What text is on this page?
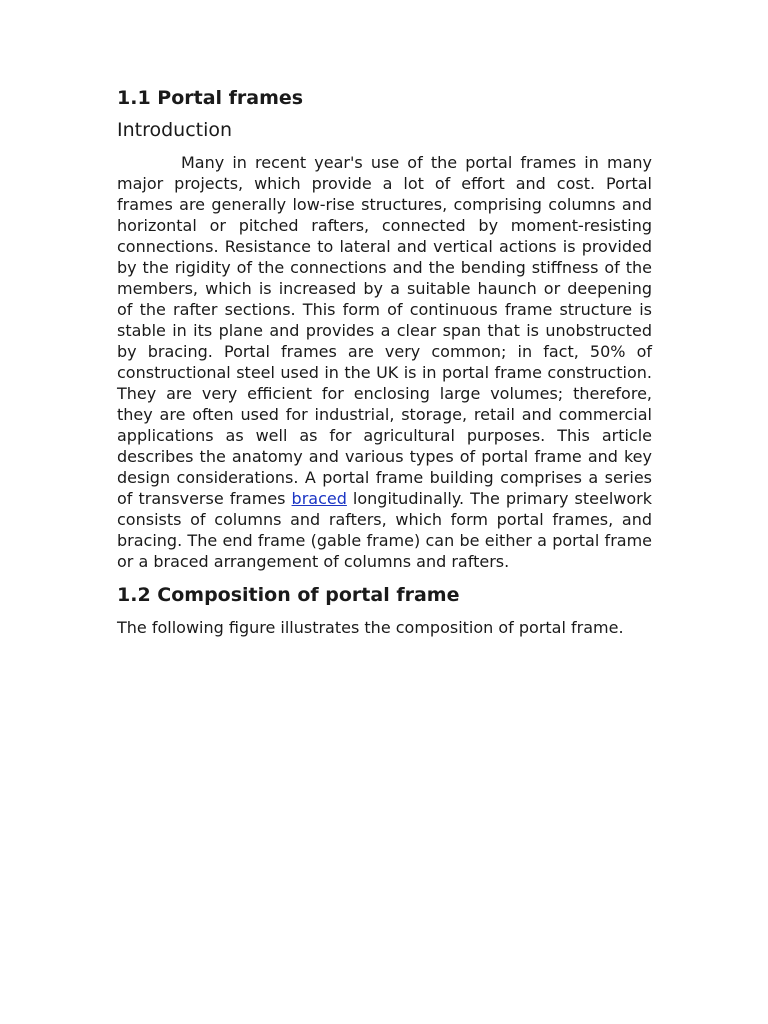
1.1 Portal frames
Introduction

Many in recent year's use of the portal frames in many major projects, which provide a lot of effort and cost. Portal frames are generally low-rise structures, comprising columns and horizontal or pitched rafters, connected by moment-resisting connections. Resistance to lateral and vertical actions is provided by the rigidity of the connections and the bending stiffness of the members, which is increased by a suitable haunch or deepening of the rafter sections. This form of continuous frame structure is stable in its plane and provides a clear span that is unobstructed by bracing. Portal frames are very common; in fact, 50% of constructional steel used in the UK is in portal frame construction. They are very efficient for enclosing large volumes; therefore, they are often used for industrial, storage, retail and commercial applications as well as for agricultural purposes. This article describes the anatomy and various types of portal frame and key design considerations. A portal frame building comprises a series of transverse frames braced longitudinally. The primary steelwork consists of columns and rafters, which form portal frames, and bracing. The end frame (gable frame) can be either a portal frame or a braced arrangement of columns and rafters.

1.2 Composition of portal frame

The following figure illustrates the composition of portal frame.
